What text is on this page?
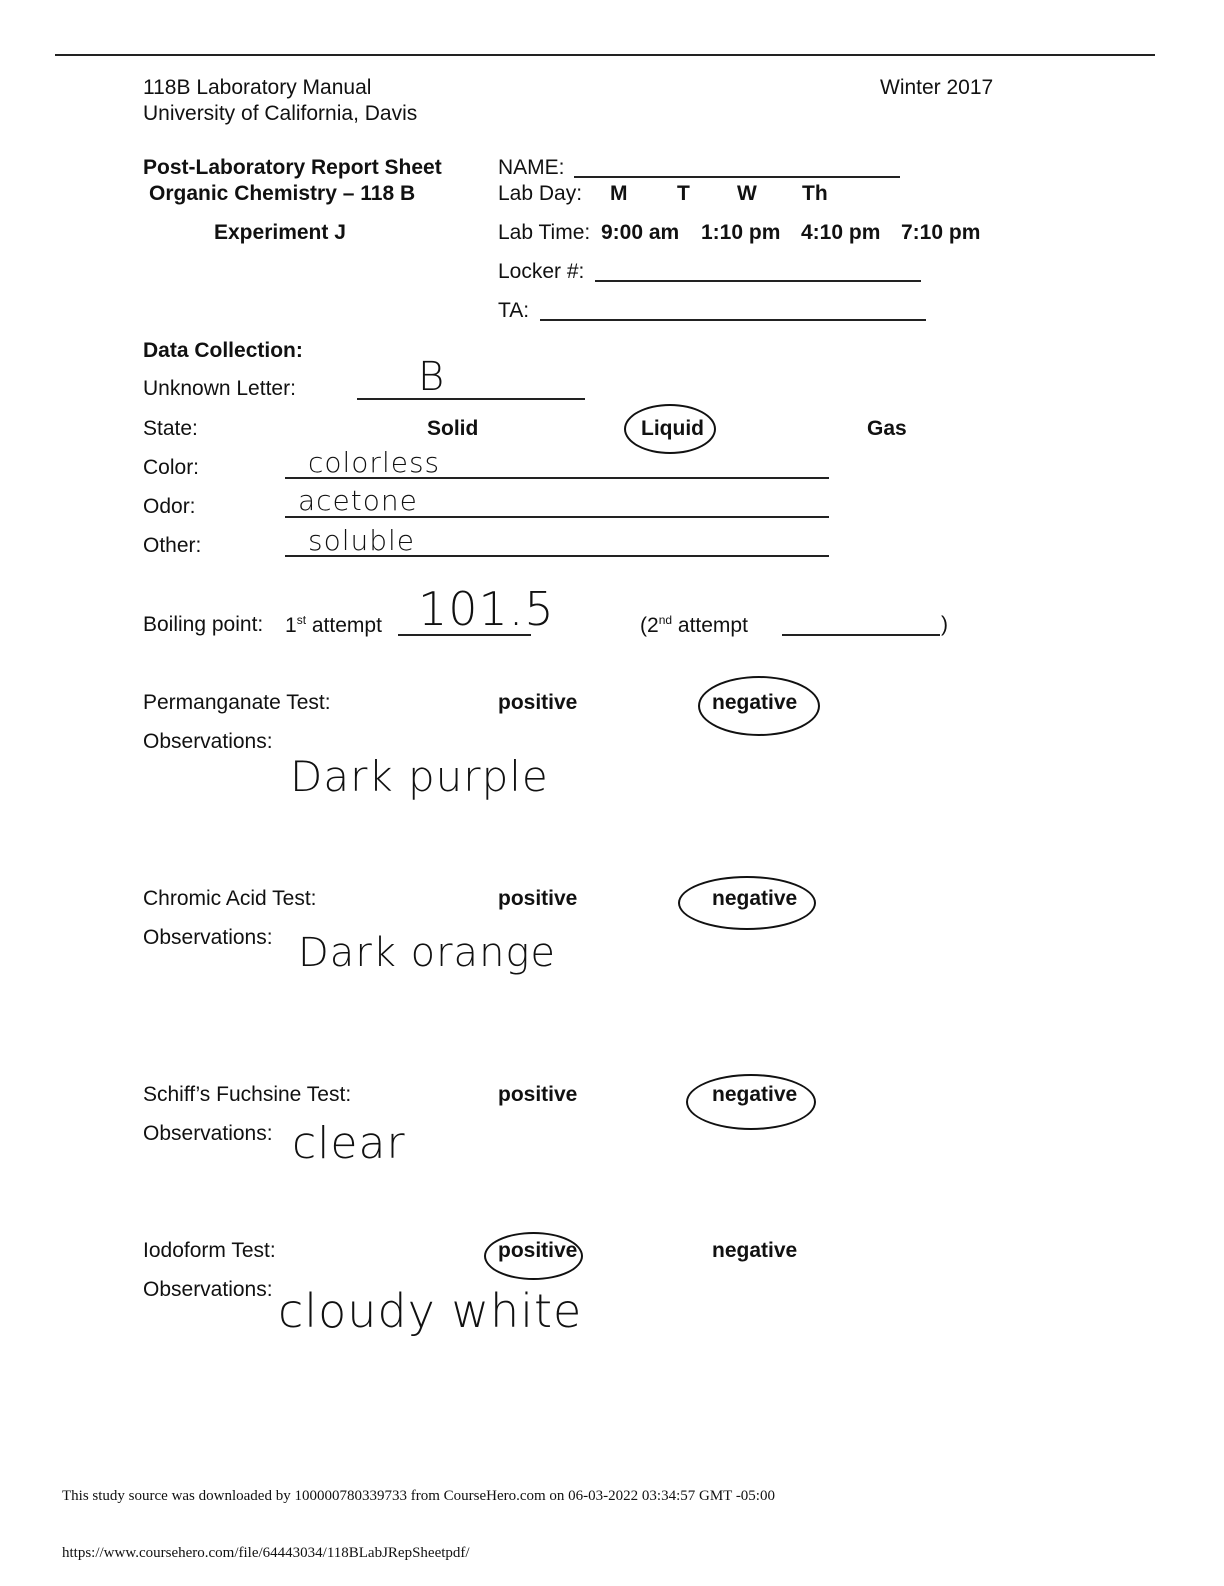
118B Laboratory Manual
University of California, Davis
Winter 2017
Post-Laboratory Report Sheet
Organic Chemistry – 118 B
Experiment J
NAME:
Lab Day: M T W Th
Lab Time: 9:00 am 1:10 pm 4:10 pm 7:10 pm
Locker #:
TA:
Data Collection:
Unknown Letter:	B
State:	Solid	Liquid	Gas
Color:	colorless
Odor:	acetone
Other:	soluble
Boiling point: 1st attempt 101.5	(2nd attempt	)
Permanganate Test:	positive	negative
Observations:
Dark purple
Chromic Acid Test:	positive	negative
Observations: Dark orange
Schiff’s Fuchsine Test:	positive	negative
Observations: clear
Iodoform Test:	positive	negative
Observations: cloudy white
This study source was downloaded by 100000780339733 from CourseHero.com on 06-03-2022 03:34:57 GMT -05:00
https://www.coursehero.com/file/64443034/118BLabJRepSheetpdf/
